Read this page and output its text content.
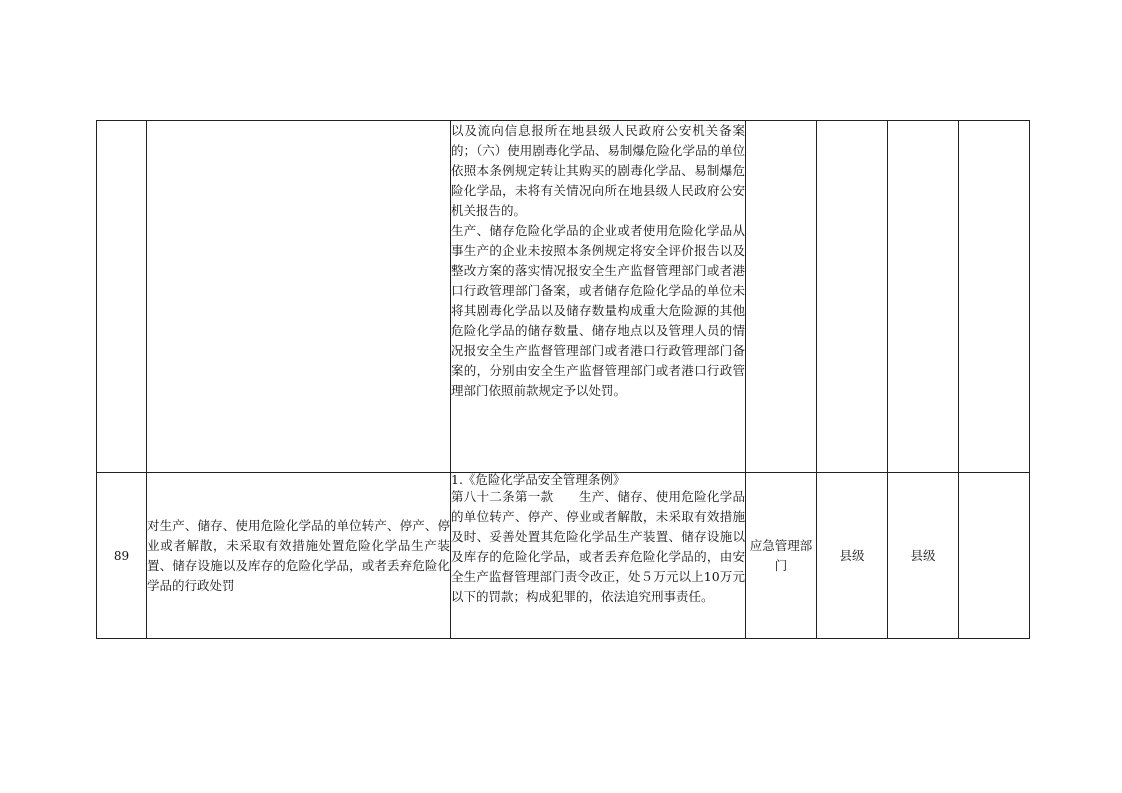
		以及流向信息报所在地县级人民政府公安机关备案的；（六）使用剧毒化学品、易制爆危险化学品的单位依照本条例规定转让其购买的剧毒化学品、易制爆危险化学品，未将有关情况向所在地县级人民政府公安机关报告的。

生产、储存危险化学品的企业或者使用危险化学品从事生产的企业未按照本条例规定将安全评价报告以及整改方案的落实情况报安全生产监督管理部门或者港口行政管理部门备案，或者储存危险化学品的单位未将其剧毒化学品以及储存数量构成重大危险源的其他危险化学品的储存数量、储存地点以及管理人员的情况报安全生产监督管理部门或者港口行政管理部门备案的，分别由安全生产监督管理部门或者港口行政管理部门依照前款规定予以处罚。				

89	对生产、储存、使用危险化学品的单位转产、停产、停业或者解散，未采取有效措施处置危险化学品生产装置、储存设施以及库存的危险化学品，或者丢弃危险化学品的行政处罚	1.《危险化学品安全管理条例》

第八十二条第一款　　生产、储存、使用危险化学品的单位转产、停产、停业或者解散，未采取有效措施及时、妥善处置其危险化学品生产装置、储存设施以及库存的危险化学品，或者丢弃危险化学品的，由安全生产监督管理部门责令改正，处５万元以上10万元以下的罚款；构成犯罪的，依法追究刑事责任。	应急管理部门	县级	县级	
